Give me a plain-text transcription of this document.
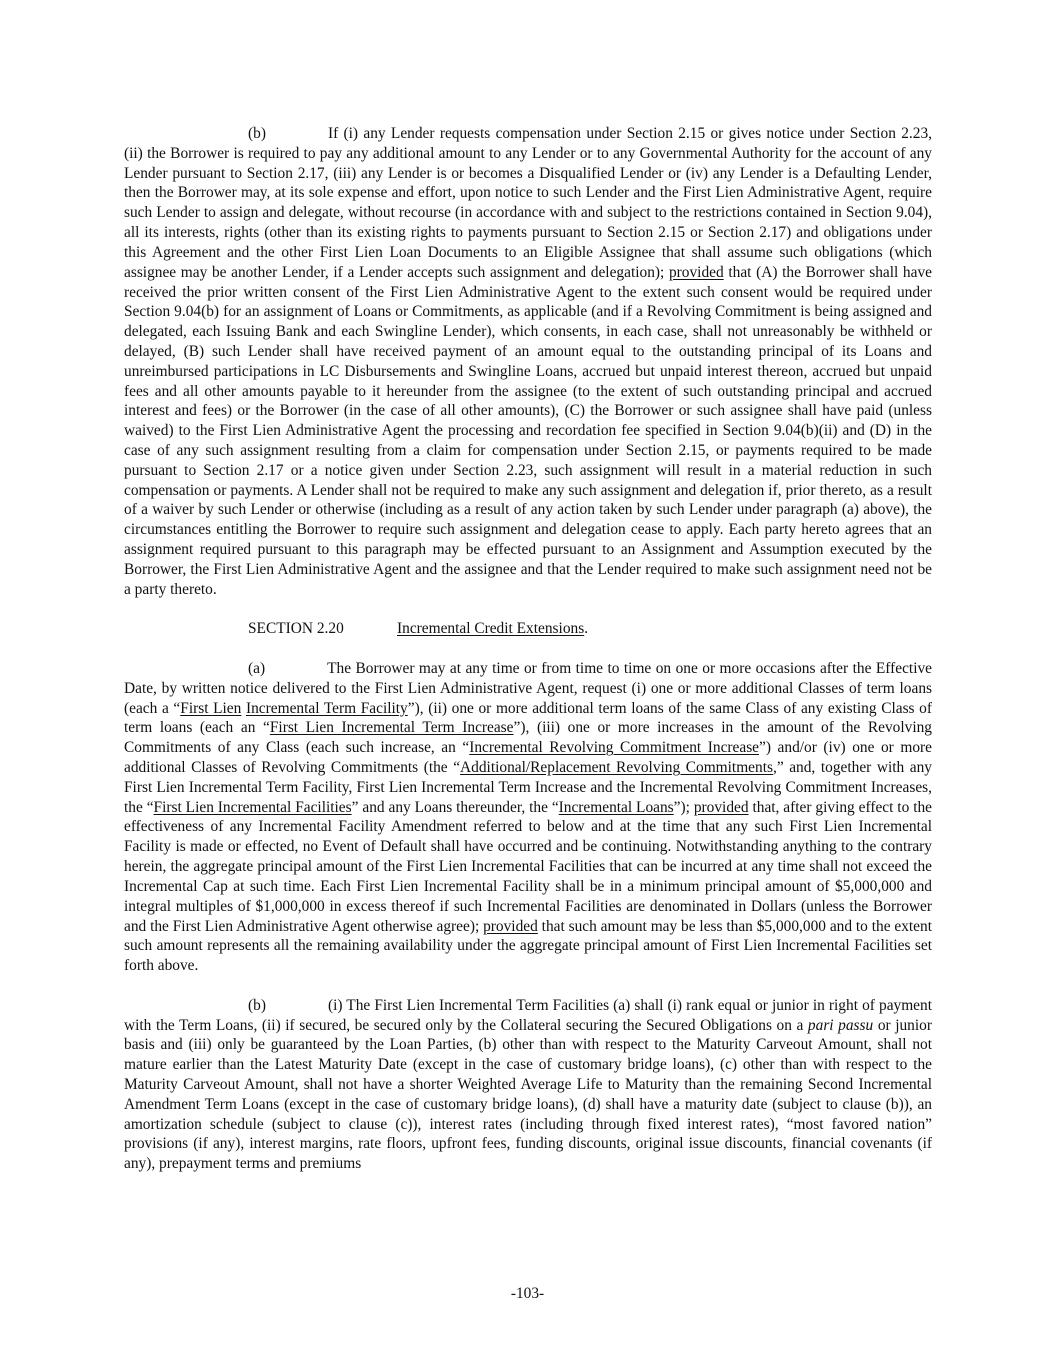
(b)	If (i) any Lender requests compensation under Section 2.15 or gives notice under Section 2.23, (ii) the Borrower is required to pay any additional amount to any Lender or to any Governmental Authority for the account of any Lender pursuant to Section 2.17, (iii) any Lender is or becomes a Disqualified Lender or (iv) any Lender is a Defaulting Lender, then the Borrower may, at its sole expense and effort, upon notice to such Lender and the First Lien Administrative Agent, require such Lender to assign and delegate, without recourse (in accordance with and subject to the restrictions contained in Section 9.04), all its interests, rights (other than its existing rights to payments pursuant to Section 2.15 or Section 2.17) and obligations under this Agreement and the other First Lien Loan Documents to an Eligible Assignee that shall assume such obligations (which assignee may be another Lender, if a Lender accepts such assignment and delegation); provided that (A) the Borrower shall have received the prior written consent of the First Lien Administrative Agent to the extent such consent would be required under Section 9.04(b) for an assignment of Loans or Commitments, as applicable (and if a Revolving Commitment is being assigned and delegated, each Issuing Bank and each Swingline Lender), which consents, in each case, shall not unreasonably be withheld or delayed, (B) such Lender shall have received payment of an amount equal to the outstanding principal of its Loans and unreimbursed participations in LC Disbursements and Swingline Loans, accrued but unpaid interest thereon, accrued but unpaid fees and all other amounts payable to it hereunder from the assignee (to the extent of such outstanding principal and accrued interest and fees) or the Borrower (in the case of all other amounts), (C) the Borrower or such assignee shall have paid (unless waived) to the First Lien Administrative Agent the processing and recordation fee specified in Section 9.04(b)(ii) and (D) in the case of any such assignment resulting from a claim for compensation under Section 2.15, or payments required to be made pursuant to Section 2.17 or a notice given under Section 2.23, such assignment will result in a material reduction in such compensation or payments. A Lender shall not be required to make any such assignment and delegation if, prior thereto, as a result of a waiver by such Lender or otherwise (including as a result of any action taken by such Lender under paragraph (a) above), the circumstances entitling the Borrower to require such assignment and delegation cease to apply. Each party hereto agrees that an assignment required pursuant to this paragraph may be effected pursuant to an Assignment and Assumption executed by the Borrower, the First Lien Administrative Agent and the assignee and that the Lender required to make such assignment need not be a party thereto.

SECTION 2.20	Incremental Credit Extensions.

(a)	The Borrower may at any time or from time to time on one or more occasions after the Effective Date, by written notice delivered to the First Lien Administrative Agent, request (i) one or more additional Classes of term loans (each a “First Lien Incremental Term Facility”), (ii) one or more additional term loans of the same Class of any existing Class of term loans (each an “First Lien Incremental Term Increase”), (iii) one or more increases in the amount of the Revolving Commitments of any Class (each such increase, an “Incremental Revolving Commitment Increase”) and/or (iv) one or more additional Classes of Revolving Commitments (the “Additional/Replacement Revolving Commitments,” and, together with any First Lien Incremental Term Facility, First Lien Incremental Term Increase and the Incremental Revolving Commitment Increases, the “First Lien Incremental Facilities” and any Loans thereunder, the “Incremental Loans”); provided that, after giving effect to the effectiveness of any Incremental Facility Amendment referred to below and at the time that any such First Lien Incremental Facility is made or effected, no Event of Default shall have occurred and be continuing. Notwithstanding anything to the contrary herein, the aggregate principal amount of the First Lien Incremental Facilities that can be incurred at any time shall not exceed the Incremental Cap at such time. Each First Lien Incremental Facility shall be in a minimum principal amount of $5,000,000 and integral multiples of $1,000,000 in excess thereof if such Incremental Facilities are denominated in Dollars (unless the Borrower and the First Lien Administrative Agent otherwise agree); provided that such amount may be less than $5,000,000 and to the extent such amount represents all the remaining availability under the aggregate principal amount of First Lien Incremental Facilities set forth above.

(b)	(i) The First Lien Incremental Term Facilities (a) shall (i) rank equal or junior in right of payment with the Term Loans, (ii) if secured, be secured only by the Collateral securing the Secured Obligations on a pari passu or junior basis and (iii) only be guaranteed by the Loan Parties, (b) other than with respect to the Maturity Carveout Amount, shall not mature earlier than the Latest Maturity Date (except in the case of customary bridge loans), (c) other than with respect to the Maturity Carveout Amount, shall not have a shorter Weighted Average Life to Maturity than the remaining Second Incremental Amendment Term Loans (except in the case of customary bridge loans), (d) shall have a maturity date (subject to clause (b)), an amortization schedule (subject to clause (c)), interest rates (including through fixed interest rates), “most favored nation” provisions (if any), interest margins, rate floors, upfront fees, funding discounts, original issue discounts, financial covenants (if any), prepayment terms and premiums

-103-
